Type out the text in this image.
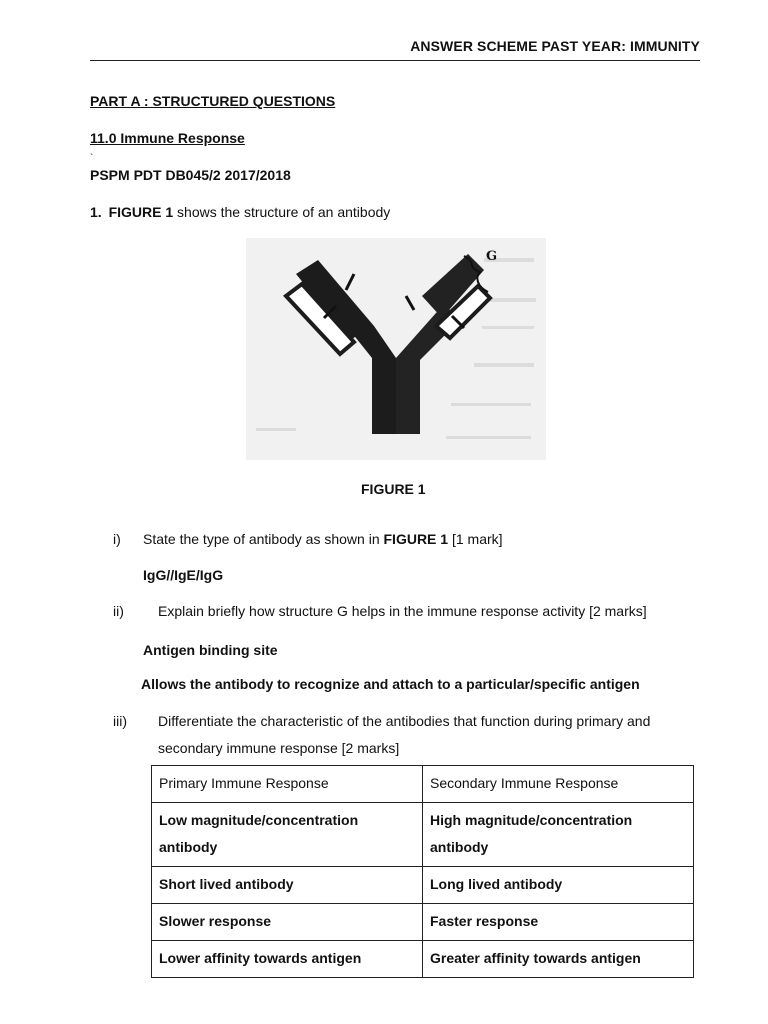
ANSWER SCHEME PAST YEAR: IMMUNITY
PART A : STRUCTURED QUESTIONS
11.0 Immune Response
`
PSPM PDT DB045/2 2017/2018
1. FIGURE 1 shows the structure of an antibody
G
FIGURE 1
i) State the type of antibody as shown in FIGURE 1 [1 mark]
IgG//IgE/IgG
ii) Explain briefly how structure G helps in the immune response activity [2 marks]
Antigen binding site
Allows the antibody to recognize and attach to a particular/specific antigen
iii) Differentiate the characteristic of the antibodies that function during primary and
secondary immune response [2 marks]
Primary Immune Response	Secondary Immune Response
Low magnitude/concentration antibody	High magnitude/concentration antibody
Short lived antibody	Long lived antibody
Slower response	Faster response
Lower affinity towards antigen	Greater affinity towards antigen
